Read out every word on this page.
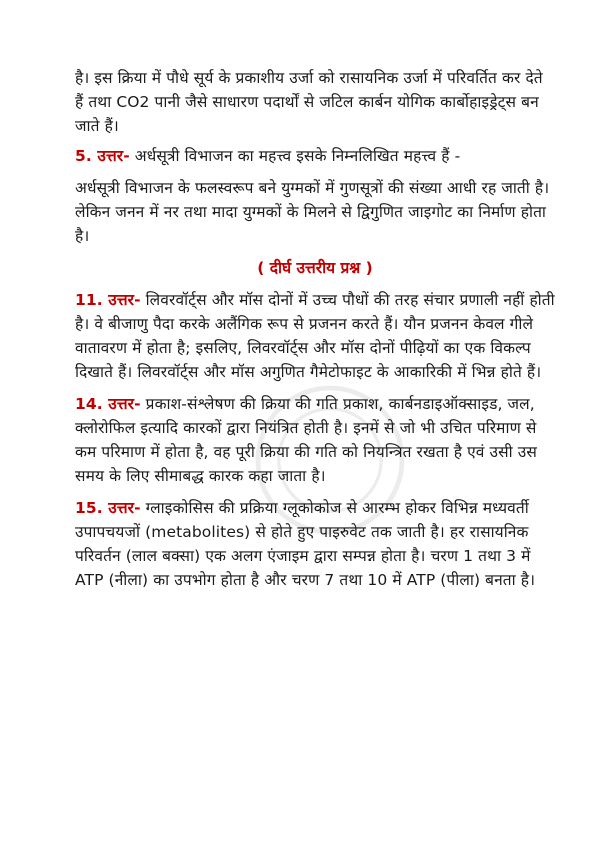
है। इस क्रिया में पौधे सूर्य के प्रकाशीय उर्जा को रासायनिक उर्जा में परिवर्तित कर देते हैं तथा CO2 पानी जैसे साधारण पदार्थों से जटिल कार्बन योगिक कार्बोहाइड्रेट्स बन जाते हैं।

5. उत्तर- अर्धसूत्री विभाजन का महत्त्व इसके निम्नलिखित महत्त्व हैं -

अर्धसूत्री विभाजन के फलस्वरूप बने युग्मकों में गुणसूत्रों की संख्या आधी रह जाती है। लेकिन जनन में नर तथा मादा युग्मकों के मिलने से द्विगुणित जाइगोट का निर्माण होता है।

( दीर्घ उत्तरीय प्रश्न )

11. उत्तर- लिवरवॉर्ट्स और मॉस दोनों में उच्च पौधों की तरह संचार प्रणाली नहीं होती है। वे बीजाणु पैदा करके अलैंगिक रूप से प्रजनन करते हैं। यौन प्रजनन केवल गीले वातावरण में होता है; इसलिए, लिवरवॉर्ट्स और मॉस दोनों पीढ़ियों का एक विकल्प दिखाते हैं। लिवरवॉर्ट्स और मॉस अगुणित गैमेटोफाइट के आकारिकी में भिन्न होते हैं।

14. उत्तर- प्रकाश-संश्लेषण की क्रिया की गति प्रकाश, कार्बनडाइऑक्साइड, जल, क्लोरोफिल इत्यादि कारकों द्वारा नियंत्रित होती है। इनमें से जो भी उचित परिमाण से कम परिमाण में होता है, वह पूरी क्रिया की गति को नियन्त्रित रखता है एवं उसी उस समय के लिए सीमाबद्ध कारक कहा जाता है।

15. उत्तर- ग्लाइकोसिस की प्रक्रिया ग्लूकोकोज से आरम्भ होकर विभिन्न मध्यवर्ती उपापचयजों (metabolites) से होते हुए पाइरुवेट तक जाती है। हर रासायनिक परिवर्तन (लाल बक्सा) एक अलग एंजाइम द्वारा सम्पन्न होता है। चरण 1 तथा 3 में ATP (नीला) का उपभोग होता है और चरण 7 तथा 10 में ATP (पीला) बनता है।
